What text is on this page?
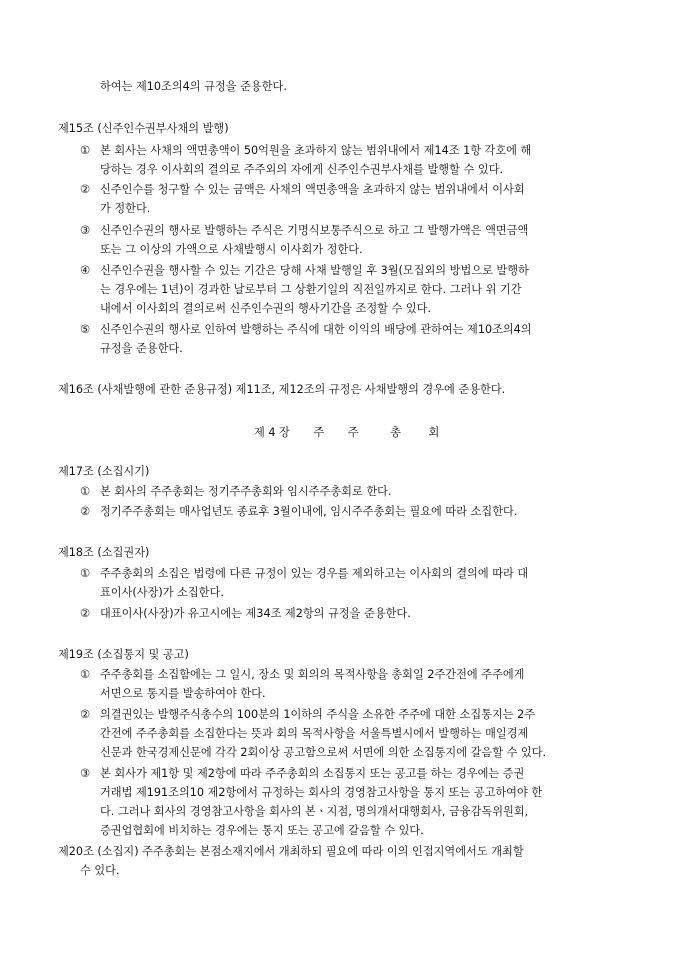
하여는 제10조의4의 규정을 준용한다.
제15조 (신주인수권부사채의 발행)
① 본 회사는 사채의 액면총액이 50억원을 초과하지 않는 범위내에서 제14조 1항 각호에 해
당하는 경우 이사회의 결의로 주주외의 자에게 신주인수권부사채를 발행할 수 있다.
② 신주인수를 청구할 수 있는 금액은 사채의 액면총액을 초과하지 않는 범위내에서 이사회
가 정한다.
③ 신주인수권의 행사로 발행하는 주식은 기명식보통주식으로 하고 그 발행가액은 액면금액
또는 그 이상의 가액으로 사채발행시 이사회가 정한다.
④ 신주인수권을 행사할 수 있는 기간은 당해 사채 발행일 후 3월(모집외의 방법으로 발행하
는 경우에는 1년)이 경과한 날로부터 그 상환기일의 직전일까지로 한다. 그러나 위 기간
내에서 이사회의 결의로써 신주인수권의 행사기간을 조정할 수 있다.
⑤ 신주인수권의 행사로 인하여 발행하는 주식에 대한 이익의 배당에 관하여는 제10조의4의
규정을 준용한다.
제16조 (사채발행에 관한 준용규정) 제11조, 제12조의 규정은 사채발행의 경우에 준용한다.
제 4 장 주 주	총 회
제17조 (소집시기)
① 본 회사의 주주총회는 정기주주총회와 임시주주총회로 한다.
② 정기주주총회는 매사업년도 종료후 3월이내에, 임시주주총회는 필요에 따라 소집한다.
제18조 (소집권자)
① 주주총회의 소집은 법령에 다른 규정이 있는 경우를 제외하고는 이사회의 결의에 따라 대
표이사(사장)가 소집한다.
② 대표이사(사장)가 유고시에는 제34조 제2항의 규정을 준용한다.
제19조 (소집통지 및 공고)
① 주주총회를 소집함에는 그 일시, 장소 및 회의의 목적사항을 총회일 2주간전에 주주에게
서면으로 통지를 발송하여야 한다.
② 의결권있는 발행주식총수의 100분의 1이하의 주식을 소유한 주주에 대한 소집통지는 2주
간전에 주주총회를 소집한다는 뜻과 회의 목적사항을 서울특별시에서 발행하는 매일경제
신문과 한국경제신문에 각각 2회이상 공고함으로써 서면에 의한 소집통지에 갈음할 수 있다.
③ 본 회사가 제1항 및 제2항에 따라 주주총회의 소집통지 또는 공고를 하는 경우에는 증권
거래법 제191조의10 제2항에서 규정하는 회사의 경영참고사항을 통지 또는 공고하여야 한
다. 그러나 회사의 경영참고사항을 회사의 본ㆍ지점, 명의개서대행회사, 금융감독위원회,
증권업협회에 비치하는 경우에는 통지 또는 공고에 갈음할 수 있다.
제20조 (소집지) 주주총회는 본점소재지에서 개최하되 필요에 따라 이의 인접지역에서도 개최할
수 있다.
